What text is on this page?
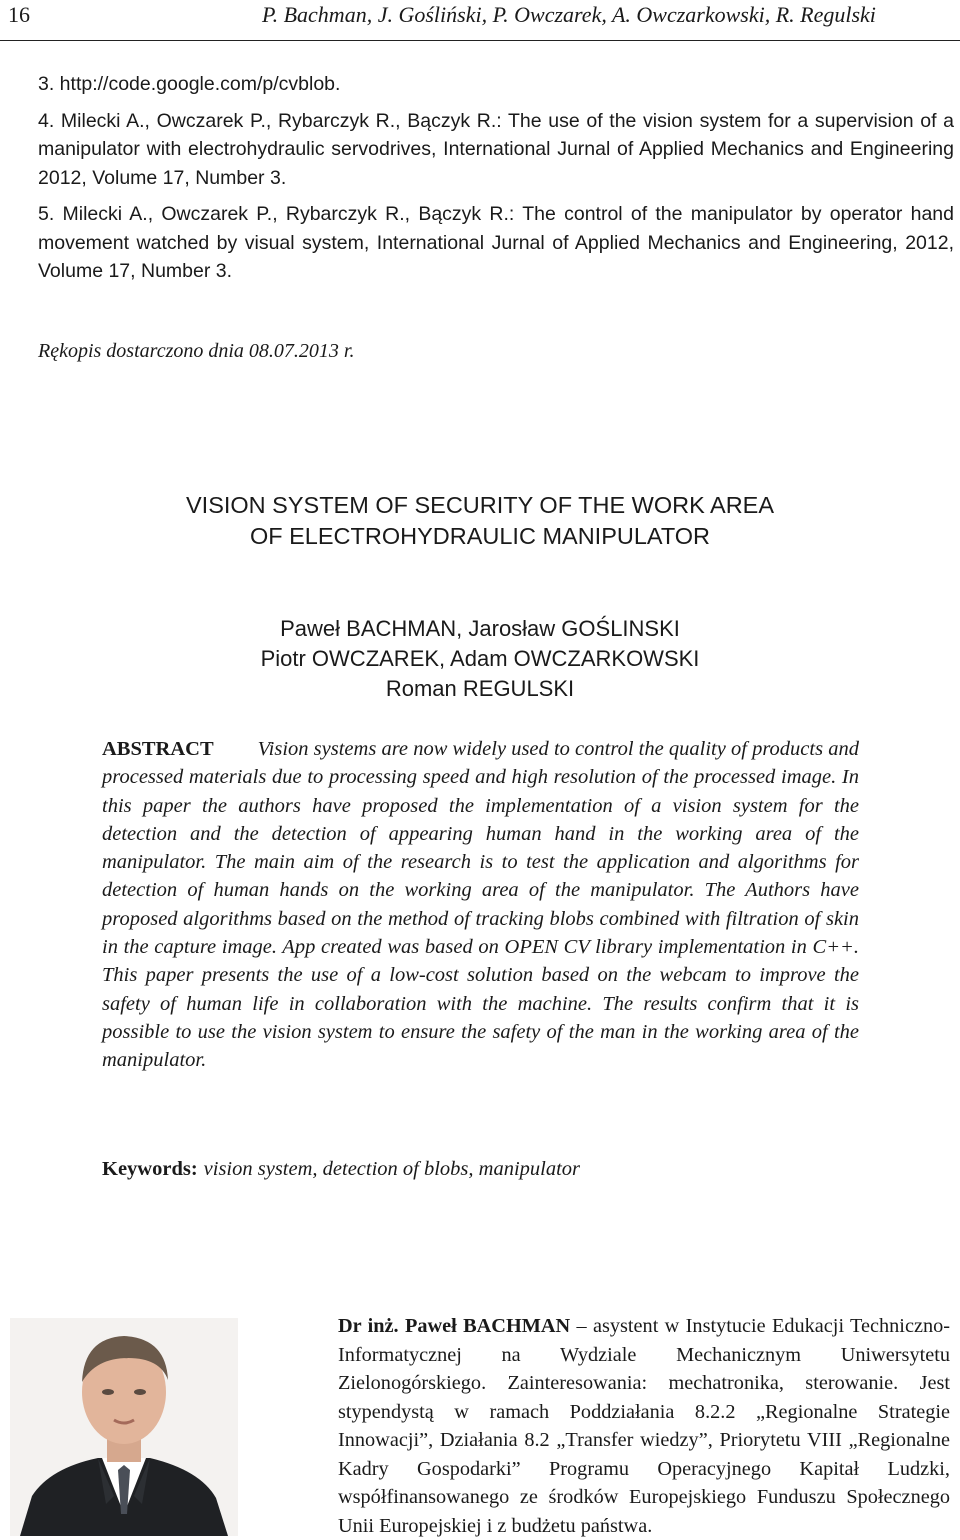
16	P. Bachman, J. Gośliński, P. Owczarek, A. Owczarkowski, R. Regulski

3. http://code.google.com/p/cvblob.

4. Milecki A., Owczarek P., Rybarczyk R., Bączyk R.: The use of the vision system for a supervision of a manipulator with electrohydraulic servodrives, International Jurnal of Applied Mechanics and Engineering 2012, Volume 17, Number 3.

5. Milecki A., Owczarek P., Rybarczyk R., Bączyk R.: The control of the manipulator by operator hand movement watched by visual system, International Jurnal of Applied Mechanics and Engineering, 2012, Volume 17, Number 3.

Rękopis dostarczono dnia 08.07.2013 r.
VISION SYSTEM OF SECURITY OF THE WORK AREA
OF ELECTROHYDRAULIC MANIPULATOR
Paweł BACHMAN, Jarosław GOŚLINSKI
Piotr OWCZAREK, Adam OWCZARKOWSKI
Roman REGULSKI
ABSTRACT Vision systems are now widely used to control the quality of products and processed materials due to processing speed and high resolution of the processed image. In this paper the authors have proposed the implementation of a vision system for the detection and the detection of appearing human hand in the working area of the manipulator. The main aim of the research is to test the application and algorithms for detection of human hands on the working area of the manipulator. The Authors have proposed algorithms based on the method of tracking blobs combined with filtration of skin in the capture image. App created was based on OPEN CV library implementation in C++. This paper presents the use of a low-cost solution based on the webcam to improve the safety of human life in collaboration with the machine. The results confirm that it is possible to use the vision system to ensure the safety of the man in the working area of the manipulator.
Keywords: vision system, detection of blobs, manipulator
Dr inż. Paweł BACHMAN – asystent w Instytucie Edukacji Techniczno-Informatycznej na Wydziale Mechanicznym Uniwersytetu Zielonogórskiego. Zainteresowania: mechatronika, sterowanie. Jest stypendystą w ramach Poddziałania 8.2.2 „Regionalne Strategie Innowacji”, Działania 8.2 „Transfer wiedzy”, Priorytetu VIII „Regionalne Kadry Gospodarki” Programu Operacyjnego Kapitał Ludzki, współfinansowanego ze środków Europejskiego Funduszu Społecznego Unii Europejskiej i z budżetu państwa.
